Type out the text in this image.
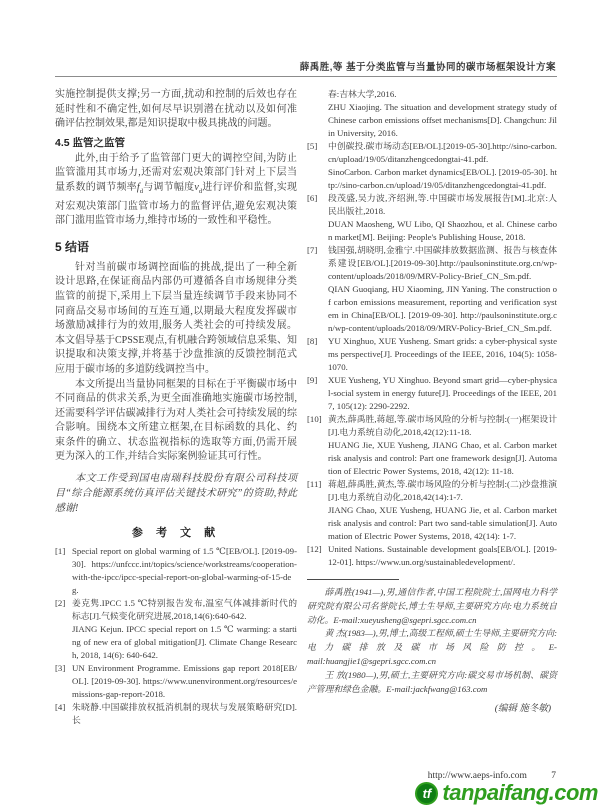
薛禹胜,等 基于分类监管与当量协同的碳市场框架设计方案

实施控制提供支撑;另一方面,扰动和控制的后效也存在延时性和不确定性,如何尽早识别潜在扰动以及如何准确评估控制效果,都是知识提取中极具挑战的问题。

4.5 监管之监管

此外,由于给予了监管部门更大的调控空间,为防止监管滥用其市场力,还需对宏观决策部门针对上下层当量系数的调节频率$f_d$与调节幅度$v_d$进行评价和监督,实现对宏观决策部门监管市场力的监督评估,避免宏观决策部门滥用监管市场力,维持市场的一致性和平稳性。

5 结语

针对当前碳市场调控面临的挑战,提出了一种全新设计思路,在保证商品内部仍可遵循各自市场规律分类监管的前提下,采用上下层当量连续调节手段来协同不同商品交易市场间的互连互通,以期最大程度发挥碳市场激励减排行为的效用,服务人类社会的可持续发展。本文倡导基于CPSSE观点,有机融合跨领域信息采集、知识提取和决策支撑,并将基于沙盘推演的反馈控制范式应用于碳市场的多道防线调控当中。

本文所提出当量协同框架的目标在于平衡碳市场中不同商品的供求关系,为更全面准确地实施碳市场控制,还需要科学评估碳减排行为对人类社会可持续发展的综合影响。围绕本文所建立框架,在目标函数的具化、约束条件的确立、状态监视指标的选取等方面,仍需开展更为深入的工作,并结合实际案例验证其可行性。

本文工作受到国电南瑞科技股份有限公司科技项目“综合能源系统仿真评估关键技术研究”的资助,特此感谢!

参 考 文 献
[1] Special report on global warming of 1.5 ℃[EB/OL]. [2019-09-30]. https://unfccc.int/topics/science/workstreams/cooperation-with-the-ipcc/ipcc-special-report-on-global-warming-of-15-deg.

[2] 姜克隽.IPCC 1.5 ℃特别报告发布,温室气体减排新时代的标志[J].气候变化研究进展,2018,14(6):640-642.

JIANG Kejun. IPCC special report on 1.5 ℃ warming: a starting of new era of global mitigation[J]. Climate Change Research, 2018, 14(6): 640-642.

[3] UN Environment Programme. Emissions gap report 2018[EB/OL]. [2019-09-30]. https://www.unenvironment.org/resources/emissions-gap-report-2018.

[4] 朱晓静.中国碳排放权抵消机制的现状与发展策略研究[D].长

春:吉林大学,2016.

ZHU Xiaojing. The situation and development strategy study of Chinese carbon emissions offset mechanisms[D]. Changchun: Jilin University, 2016.

[5] 中创碳投.碳市场动态[EB/OL].[2019-05-30].http://sino-carbon.cn/upload/19/05/ditanzhengcedongtai-41.pdf.

SinoCarbon. Carbon market dynamics[EB/OL]. [2019-05-30]. http://sino-carbon.cn/upload/19/05/ditanzhengcedongtai-41.pdf.

[6] 段茂盛,吴力波,齐绍洲,等.中国碳市场发展报告[M].北京:人民出版社,2018.

DUAN Maosheng, WU Libo, QI Shaozhou, et al. Chinese carbon market[M]. Beijing: People's Publishing House, 2018.

[7] 钱国强,胡晓明,金雅宁.中国碳排放数据监测、报告与核查体系建设[EB/OL].[2019-09-30].http://paulsoninstitute.org.cn/wp-content/uploads/2018/09/MRV-Policy-Brief_CN_Sm.pdf.

QIAN Guoqiang, HU Xiaoming, JIN Yaning. The construction of carbon emissions measurement, reporting and verification system in China[EB/OL]. [2019-09-30]. http://paulsoninstitute.org.cn/wp-content/uploads/2018/09/MRV-Policy-Brief_CN_Sm.pdf.

[8] YU Xinghuo, XUE Yusheng. Smart grids: a cyber-physical systems perspective[J]. Proceedings of the IEEE, 2016, 104(5): 1058-1070.

[9] XUE Yusheng, YU Xinghuo. Beyond smart grid—cyber-physical-social system in energy future[J]. Proceedings of the IEEE, 2017, 105(12): 2290-2292.

[10] 黄杰,薛禹胜,蒋超,等.碳市场风险的分析与控制:(一)框架设计[J].电力系统自动化,2018,42(12):11-18.

HUANG Jie, XUE Yusheng, JIANG Chao, et al. Carbon market risk analysis and control: Part one framework design[J]. Automation of Electric Power Systems, 2018, 42(12): 11-18.

[11] 蒋超,薛禹胜,黄杰,等.碳市场风险的分析与控制:(二)沙盘推演[J].电力系统自动化,2018,42(14):1-7.

JIANG Chao, XUE Yusheng, HUANG Jie, et al. Carbon market risk analysis and control: Part two sand-table simulation[J]. Automation of Electric Power Systems, 2018, 42(14): 1-7.

[12] United Nations. Sustainable development goals[EB/OL]. [2019-12-01]. https://www.un.org/sustainabledevelopment/.

薛禹胜(1941—),男,通信作者,中国工程院院士,国网电力科学研究院有限公司名誉院长,博士生导师,主要研究方向:电力系统自动化。E-mail:xueyusheng@sgepri.sgcc.com.cn

黄 杰(1983—),男,博士,高级工程师,硕士生导师,主要研究方向:电力碳排放及碳市场风险防控。E-mail:huangjie1@sgepri.sgcc.com.cn

王 放(1980—),男,硕士,主要研究方向:碳交易市场机制、碳资产管理和绿色金融。E-mail:jackfwang@163.com

(编辑 施冬敏)

http://www.aeps-info.com	7
tf tanpaifang.com
